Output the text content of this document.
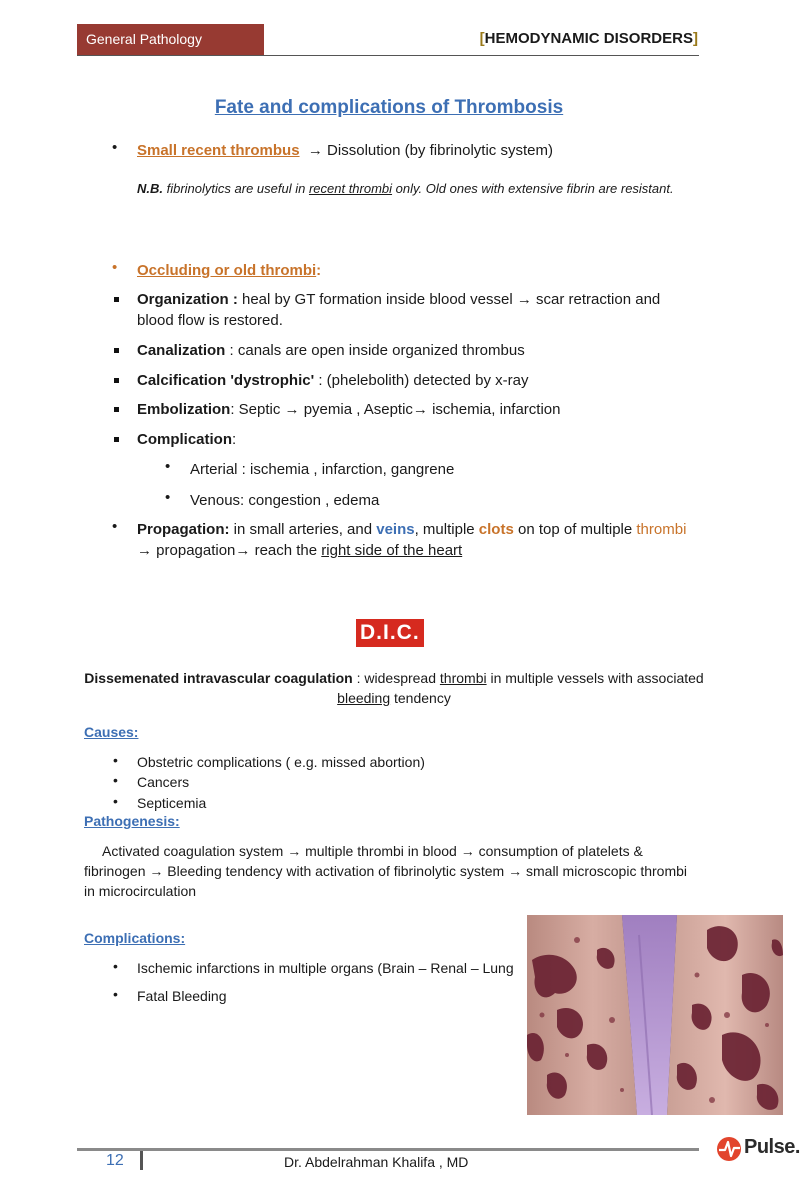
General Pathology	[HEMODYNAMIC DISORDERS]
Fate and complications of Thrombosis
• Small recent thrombus → Dissolution (by fibrinolytic system)
N.B. fibrinolytics are useful in recent thrombi only. Old ones with extensive fibrin are resistant.
• Occluding or old thrombi:
Organization : heal by GT formation inside blood vessel → scar retraction and blood flow is restored.
Canalization : canals are open inside organized thrombus
Calcification 'dystrophic' : (phelebolith) detected by x-ray
Embolization: Septic → pyemia , Aseptic→ ischemia, infarction
Complication:
• Arterial : ischemia , infarction, gangrene
• Venous: congestion , edema
• Propagation: in small arteries, and veins, multiple clots on top of multiple thrombi → propagation→ reach the right side of the heart
D.I.C.
Dissemenated intravascular coagulation : widespread thrombi in multiple vessels with associated bleeding tendency
Causes:
• Obstetric complications ( e.g. missed abortion)
• Cancers
• Septicemia
Pathogenesis:
Activated coagulation system → multiple thrombi in blood → consumption of platelets & fibrinogen → Bleeding tendency with activation of fibrinolytic system → small microscopic thrombi in microcirculation
Complications:
• Ischemic infarctions in multiple organs (Brain – Renal – Lung
• Fatal Bleeding
12	Dr. Abdelrahman Khalifa , MD
Pulse.
